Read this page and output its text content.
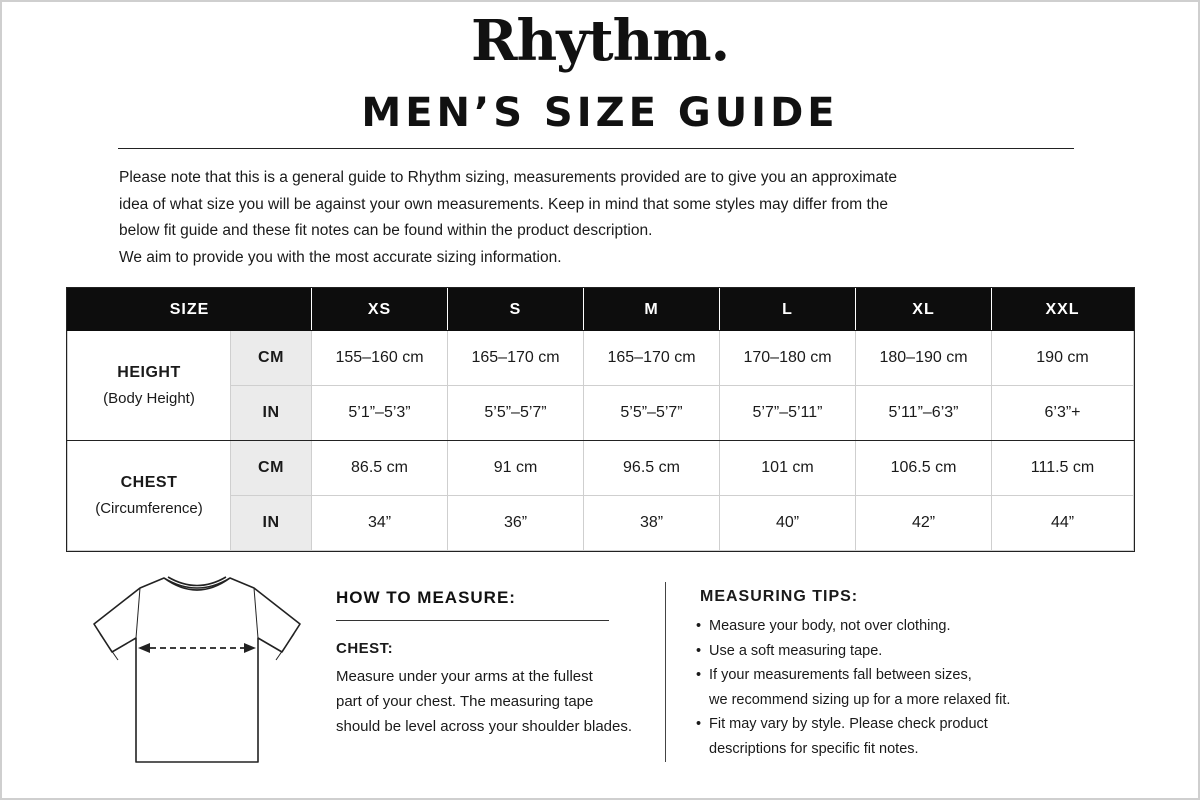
Rhythm.
MEN’S SIZE GUIDE

Please note that this is a general guide to Rhythm sizing, measurements provided are to give you an approximate

idea of what size you will be against your own measurements. Keep in mind that some styles may differ from the

below fit guide and these fit notes can be found within the product description.

We aim to provide you with the most accurate sizing information.

SIZE		XS	S	M	L	XL	XXL

HEIGHT
(Body Height)	CM	155–160 cm	165–170 cm	165–170 cm	170–180 cm	180–190 cm	190 cm
	IN	5’1”–5’3”	5’5”–5’7”	5’5”–5’7”	5’7”–5’11”	5’11”–6’3”	6’3”+

CHEST
(Circumference)	CM	86.5 cm	91 cm	96.5 cm	101 cm	106.5 cm	111.5 cm
	IN	34”	36”	38”	40”	42”	44”
HOW TO MEASURE:
CHEST:

Measure under your arms at the fullest

part of your chest. The measuring tape

should be level across your shoulder blades.

MEASURING TIPS:
• Measure your body, not over clothing.
• Use a soft measuring tape.
• If your measurements fall between sizes,
we recommend sizing up for a more relaxed fit.
• Fit may vary by style. Please check product
descriptions for specific fit notes.
